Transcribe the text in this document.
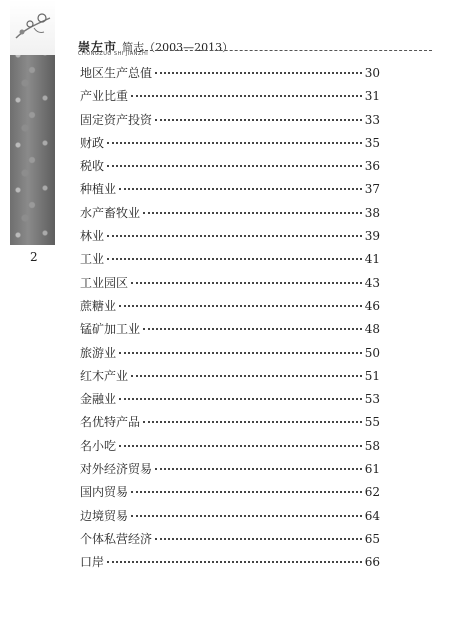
崇左市 简志（2003—2013）
CHONGZUO SHI JIANZHI
2
地区生产总值	30
产业比重	31
固定资产投资	33
财政	35
税收	36
种植业	37
水产畜牧业	38
林业	39
工业	41
工业园区	43
蔗糖业	46
锰矿加工业	48
旅游业	50
红木产业	51
金融业	53
名优特产品	55
名小吃	58
对外经济贸易	61
国内贸易	62
边境贸易	64
个体私营经济	65
口岸	66
